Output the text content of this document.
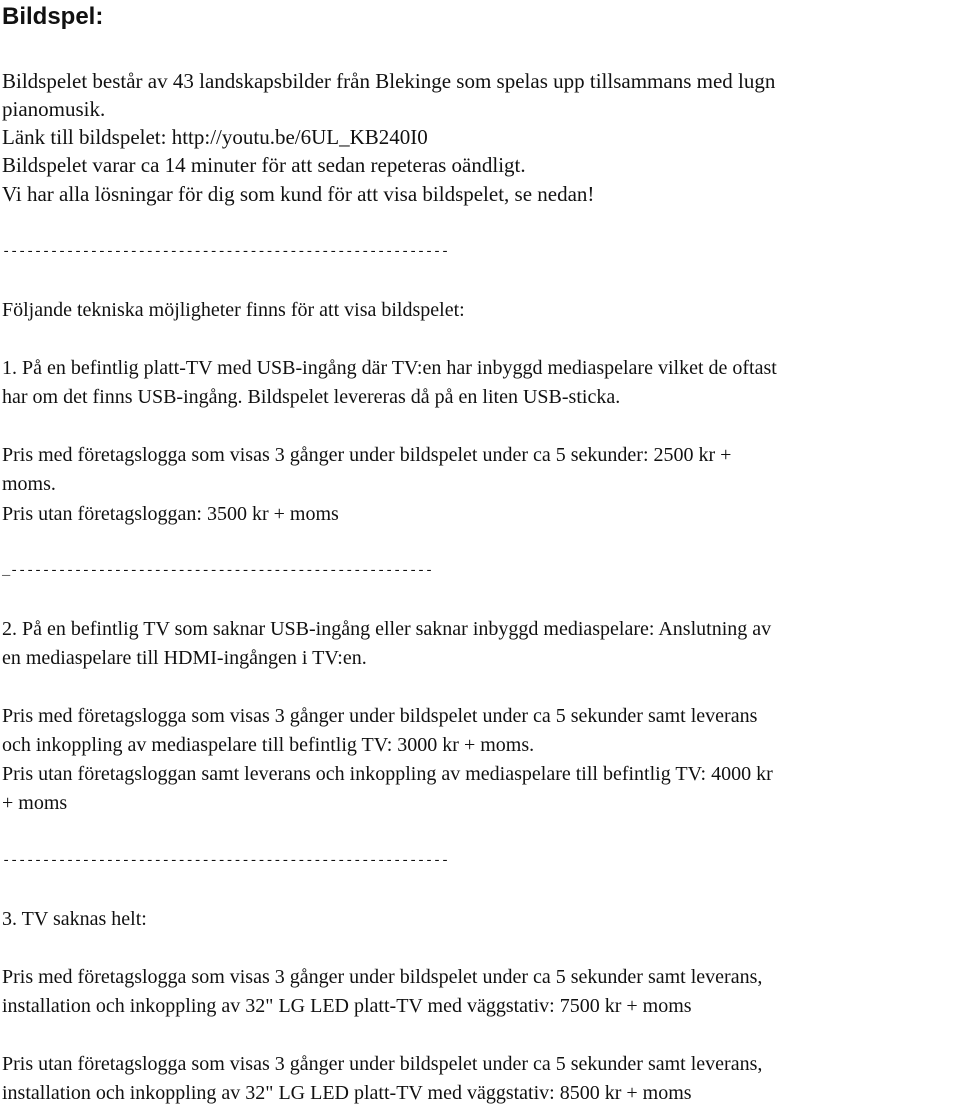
Bildspel:
Bildspelet består av 43 landskapsbilder från Blekinge som spelas upp tillsammans med lugn
pianomusik.
Länk till bildspelet: http://youtu.be/6UL_KB240I0
Bildspelet varar ca 14 minuter för att sedan repeteras oändligt.
Vi har alla lösningar för dig som kund för att visa bildspelet, se nedan!
--------------------------------------------------------
Följande tekniska möjligheter finns för att visa bildspelet:
1. På en befintlig platt-TV med USB-ingång där TV:en har inbyggd mediaspelare vilket de oftast
har om det finns USB-ingång. Bildspelet levereras då på en liten USB-sticka.
Pris med företagslogga som visas 3 gånger under bildspelet under ca 5 sekunder: 2500 kr +
moms.
Pris utan företagsloggan: 3500 kr + moms
_-----------------------------------------------------
2. På en befintlig TV som saknar USB-ingång eller saknar inbyggd mediaspelare: Anslutning av
en mediaspelare till HDMI-ingången i TV:en.
Pris med företagslogga som visas 3 gånger under bildspelet under ca 5 sekunder samt leverans
och inkoppling av mediaspelare till befintlig TV: 3000 kr + moms.
Pris utan företagsloggan samt leverans och inkoppling av mediaspelare till befintlig TV: 4000 kr
+ moms
--------------------------------------------------------
3. TV saknas helt:
Pris med företagslogga som visas 3 gånger under bildspelet under ca 5 sekunder samt leverans,
installation och inkoppling av 32" LG LED platt-TV med väggstativ: 7500 kr + moms
Pris utan företagslogga som visas 3 gånger under bildspelet under ca 5 sekunder samt leverans,
installation och inkoppling av 32" LG LED platt-TV med väggstativ: 8500 kr + moms
